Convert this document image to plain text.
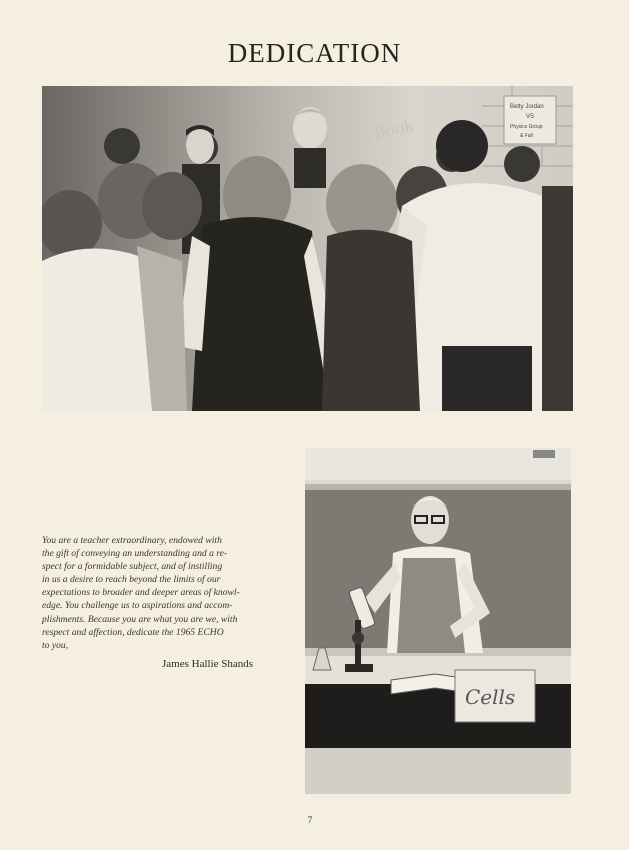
DEDICATION
Betty Jordan
VS
Physics Group
& Fall
Get Book
You are a teacher extraordinary, endowed with
the gift of conveying an understanding and a re-
spect for a formidable subject, and of instilling
in us a desire to reach beyond the limits of our
expectations to broader and deeper areas of knowl-
edge. You challenge us to aspirations and accom-
plishments. Because you are what you are we, with
respect and affection, dedicate the 1965 ECHO
to you,
James Hallie Shands
Cells
7
